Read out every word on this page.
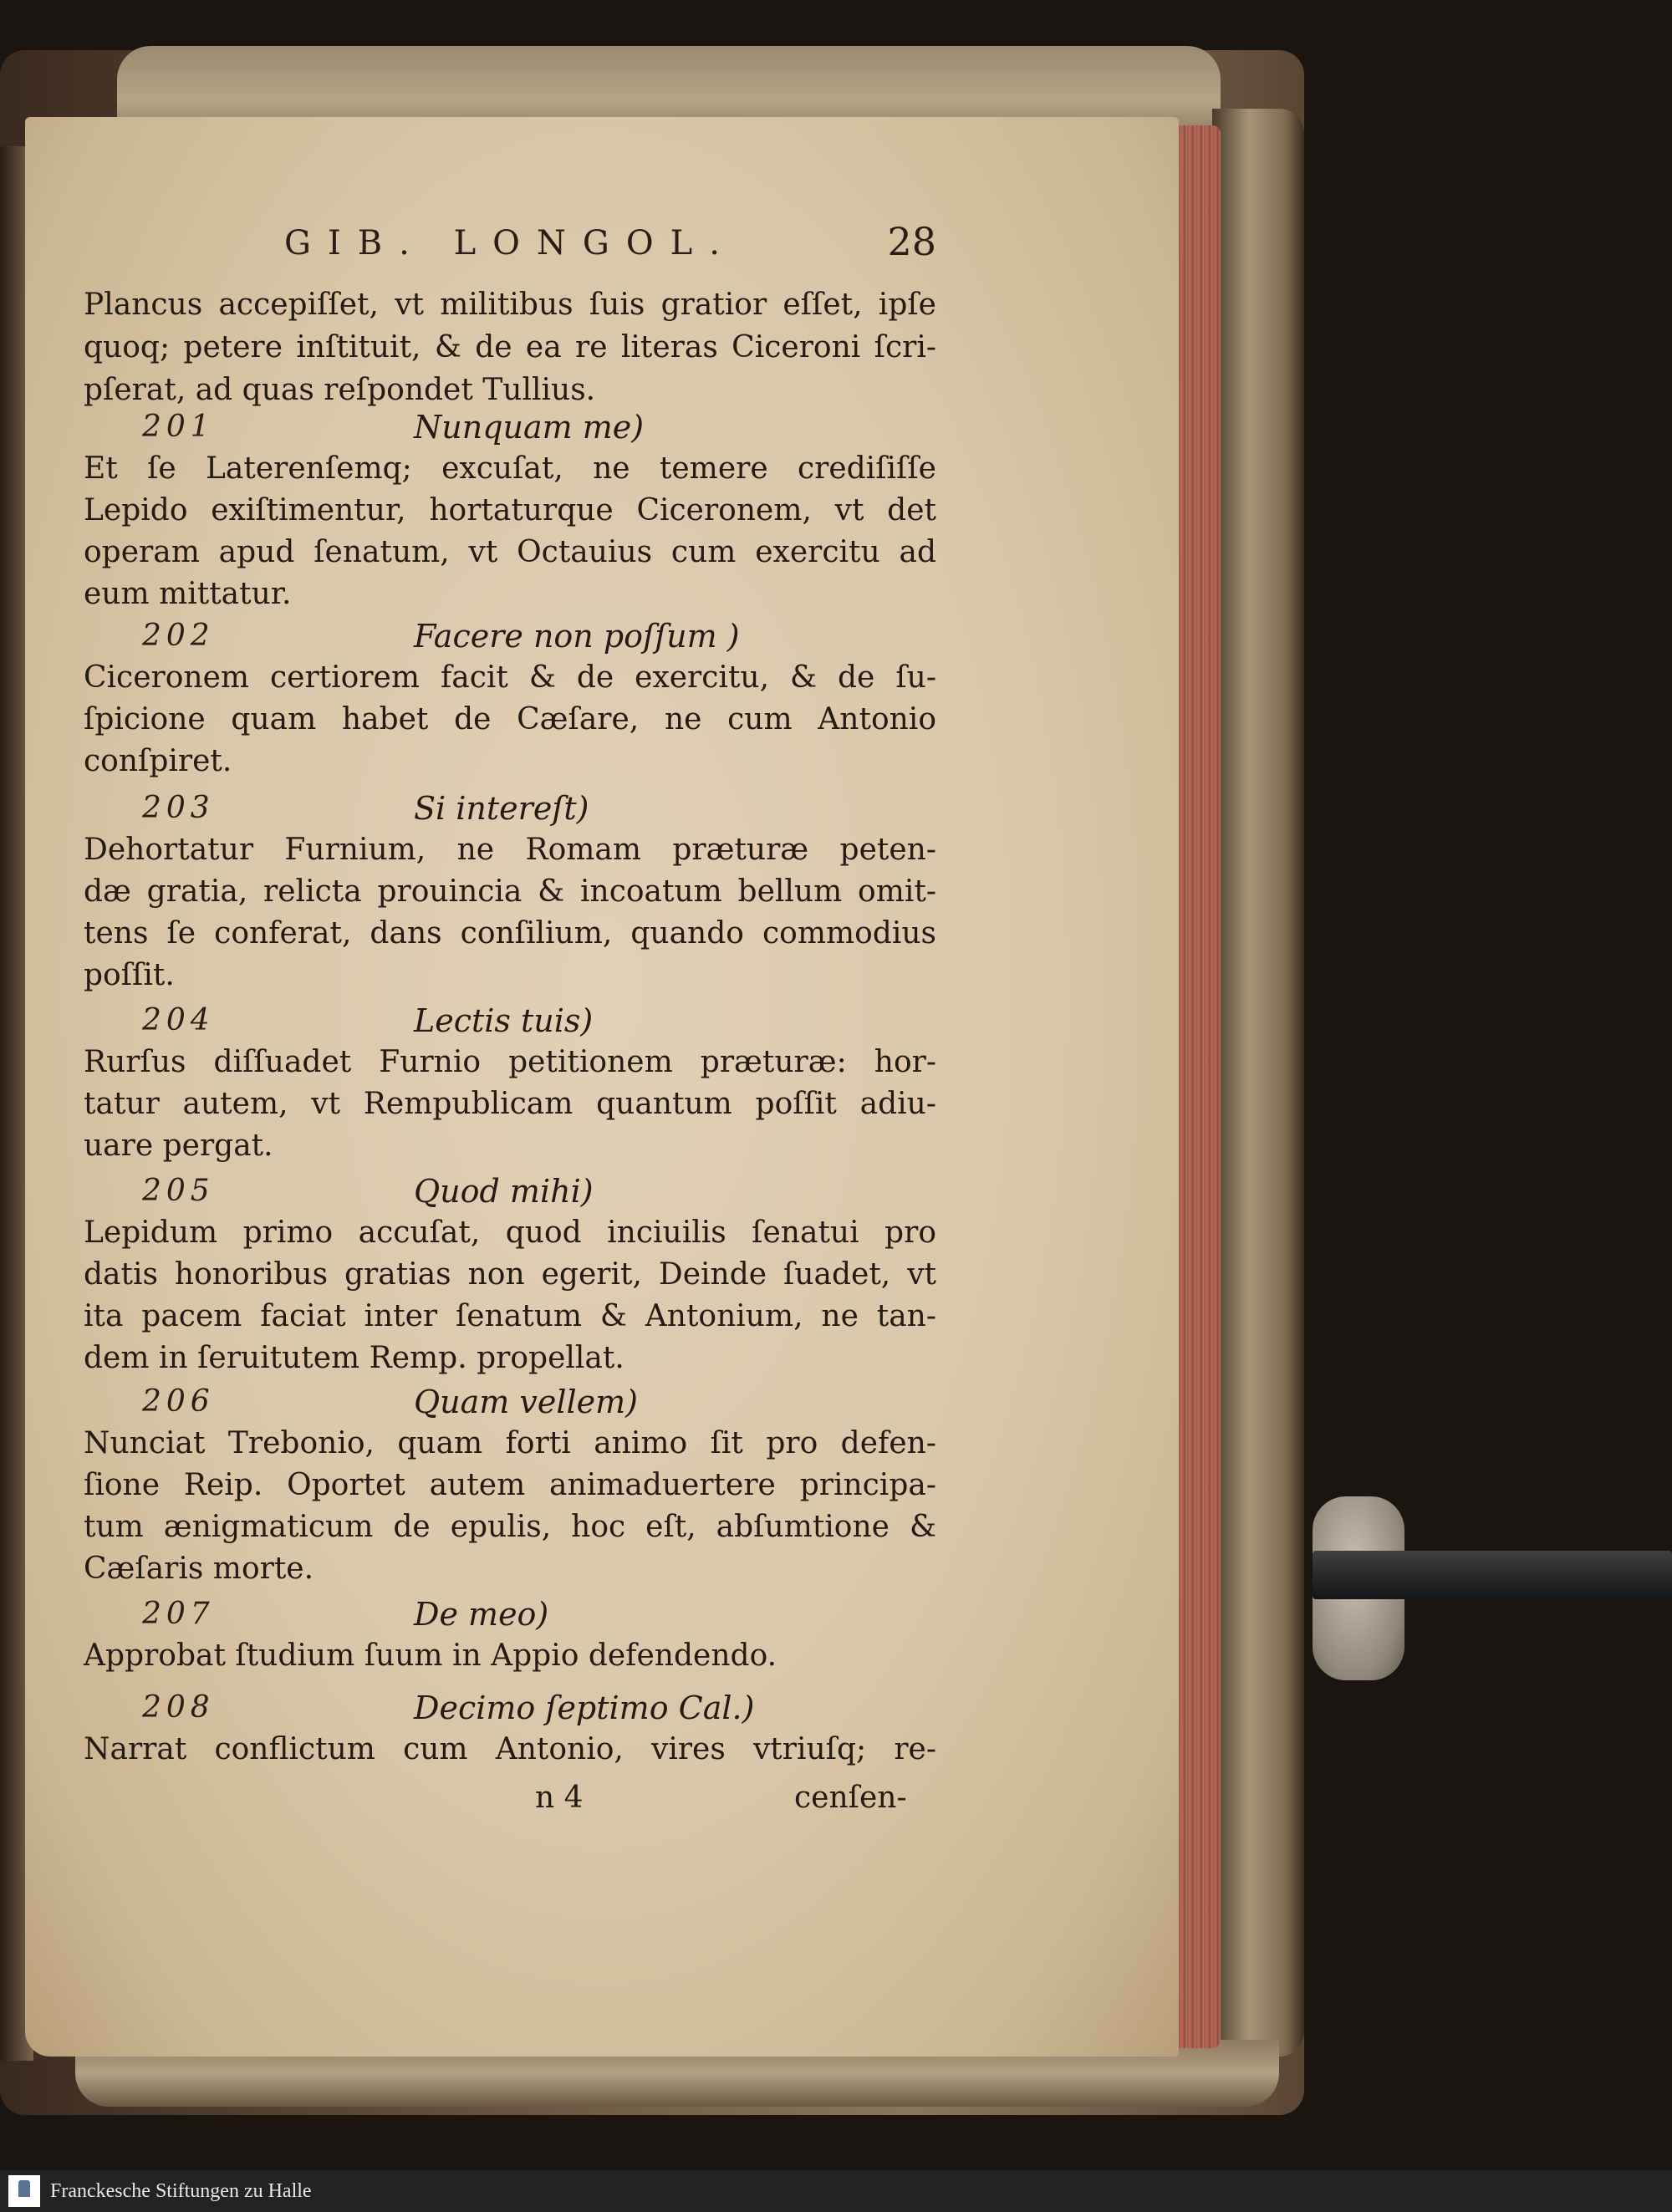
GIB. LONGOL.	28
Plancus accepiſſet, vt militibus ſuis gratior eſſet, ipſe
quoq; petere inſtituit, & de ea re literas Ciceroni ſcri-
pſerat, ad quas reſpondet Tullius.
201	Nunquam me)
Et ſe Laterenſemq; excuſat, ne temere crediſiſſe
Lepido exiſtimentur, hortaturque Ciceronem, vt det
operam apud ſenatum, vt Octauius cum exercitu ad
eum mittatur.
202	Facere non poſſum )
Ciceronem certiorem facit & de exercitu, & de ſu-
ſpicione quam habet de Cæſare, ne cum Antonio
conſpiret.
203	Si intereſt)
Dehortatur Furnium, ne Romam præturæ peten-
dæ gratia, relicta prouincia & incoatum bellum omit-
tens ſe conferat, dans conſilium, quando commodius
poſſit.
204	Lectis tuis)
Rurſus diſſuadet Furnio petitionem præturæ: hor-
tatur autem, vt Rempublicam quantum poſſit adiu-
uare pergat.
205	Quod mihi)
Lepidum primo accuſat, quod inciuilis ſenatui pro
datis honoribus gratias non egerit, Deinde ſuadet, vt
ita pacem faciat inter ſenatum & Antonium, ne tan-
dem in ſeruitutem Remp. propellat.
206	Quam vellem)
Nunciat Trebonio, quam forti animo ſit pro defen-
ſione Reip. Oportet autem animaduertere principa-
tum ænigmaticum de epulis, hoc eſt, abſumtione &
Cæſaris morte.
207	De meo)
Approbat ſtudium ſuum in Appio defendendo.
208	Decimo ſeptimo Cal.)
Narrat conflictum cum Antonio, vires vtriuſq; re-
n 4	cenſen-
Franckesche Stiftungen zu Halle
